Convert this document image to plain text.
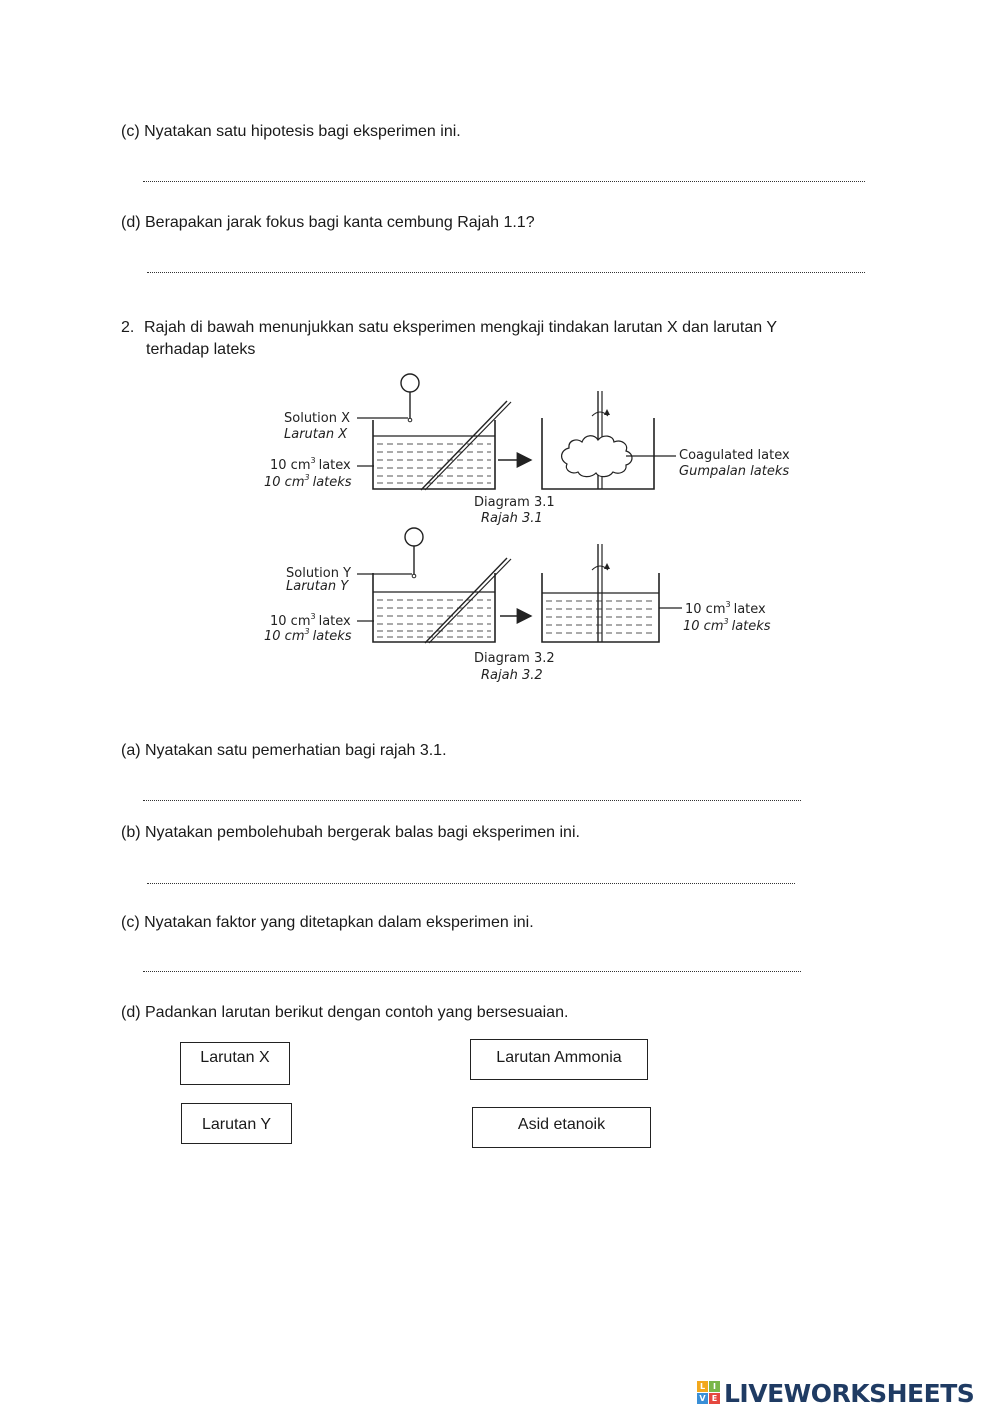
(c) Nyatakan satu hipotesis bagi eksperimen ini.
(d) Berapakan jarak fokus bagi kanta cembung Rajah 1.1?
2. Rajah di bawah menunjukkan satu eksperimen mengkaji tindakan larutan X dan larutan Y
terhadap lateks
Solution X
Larutan X
10 $cm^3$ latex
10 $cm^3$ lateks
Coagulated latex
Gumpalan lateks
Diagram 3.1
Rajah 3.1
Solution Y
Larutan Y
10 $cm^3$ latex
10 $cm^3$ lateks
10 $cm^3$ latex
10 $cm^3$ lateks
Diagram 3.2
Rajah 3.2
(a) Nyatakan satu pemerhatian bagi rajah 3.1.
(b) Nyatakan pembolehubah bergerak balas bagi eksperimen ini.
(c) Nyatakan faktor yang ditetapkan dalam eksperimen ini.
(d) Padankan larutan berikut dengan contoh yang bersesuaian.
Larutan X
Larutan Y
Larutan Ammonia
Asid etanoik
L I
V E LIVEWORKSHEETS
